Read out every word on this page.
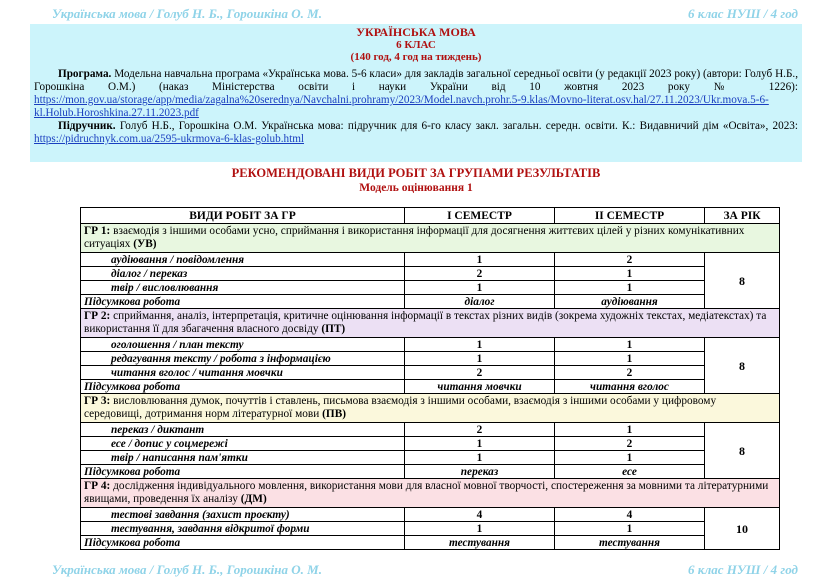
Українська мова / Голуб Н. Б., Горошкіна О. М.	6 клас НУШ / 4 год
УКРАЇНСЬКА МОВА
6 КЛАС
(140 год, 4 год на тиждень)

Програма. Модельна навчальна програма «Українська мова. 5-6 класи» для закладів загальної середньої освіти (у редакції 2023 року) (автори: Голуб Н.Б., Горошкіна О.М.) (наказ Міністерства освіти і науки України від 10 жовтня 2023 року № 1226): https://mon.gov.ua/storage/app/media/zagalna%20serednya/Navchalni.prohramy/2023/Model.navch.prohr.5-9.klas/Movno-literat.osv.hal/27.11.2023/Ukr.movа.5-6-kl.Holub.Horoshkina.27.11.2023.pdf

Підручник. Голуб Н.Б., Горошкіна О.М. Українська мова: підручник для 6-го класу закл. загальн. середн. освіти. К.: Видавничий дім «Освіта», 2023: https://pidruchnyk.com.ua/2595-ukrmova-6-klas-golub.html

РЕКОМЕНДОВАНІ ВИДИ РОБІТ ЗА ГРУПАМИ РЕЗУЛЬТАТІВ
Модель оцінювання 1
ВИДИ РОБІТ ЗА ГР	І СЕМЕСТР	ІІ СЕМЕСТР	ЗА РІК
ГР 1: взаємодія з іншими особами усно, сприймання і використання інформації для досягнення життєвих цілей у різних комунікативних ситуаціях (УВ)			
аудіювання / повідомлення	1	2	8
діалог / переказ	2	1	
твір / висловлювання	1	1	
Підсумкова робота	діалог	аудіювання	
ГР 2: сприймання, аналіз, інтерпретація, критичне оцінювання інформації в текстах різних видів (зокрема художніх текстах, медіатекстах) та використання її для збагачення власного досвіду (ПТ)			
оголошення / план тексту	1	1	8
редагування тексту / робота з інформацією	1	1	
читання вголос / читання мовчки	2	2	
Підсумкова робота	читання мовчки	читання вголос	
ГР 3: висловлювання думок, почуттів і ставлень, письмова взаємодія з іншими особами, взаємодія з іншими особами у цифровому середовищі, дотримання норм літературної мови (ПВ)			
переказ / диктант	2	1	8
есе / допис у соцмережі	1	2	
твір / написання пам'ятки	1	1	
Підсумкова робота	переказ	есе	
ГР 4: дослідження індивідуального мовлення, використання мови для власної мовної творчості, спостереження за мовними та літературними явищами, проведення їх аналізу (ДМ)			
тестові завдання (захист проєкту)	4	4	10
тестування, завдання відкритої форми	1	1	
Підсумкова робота	тестування	тестування	
Українська мова / Голуб Н. Б., Горошкіна О. М.	6 клас НУШ / 4 год
